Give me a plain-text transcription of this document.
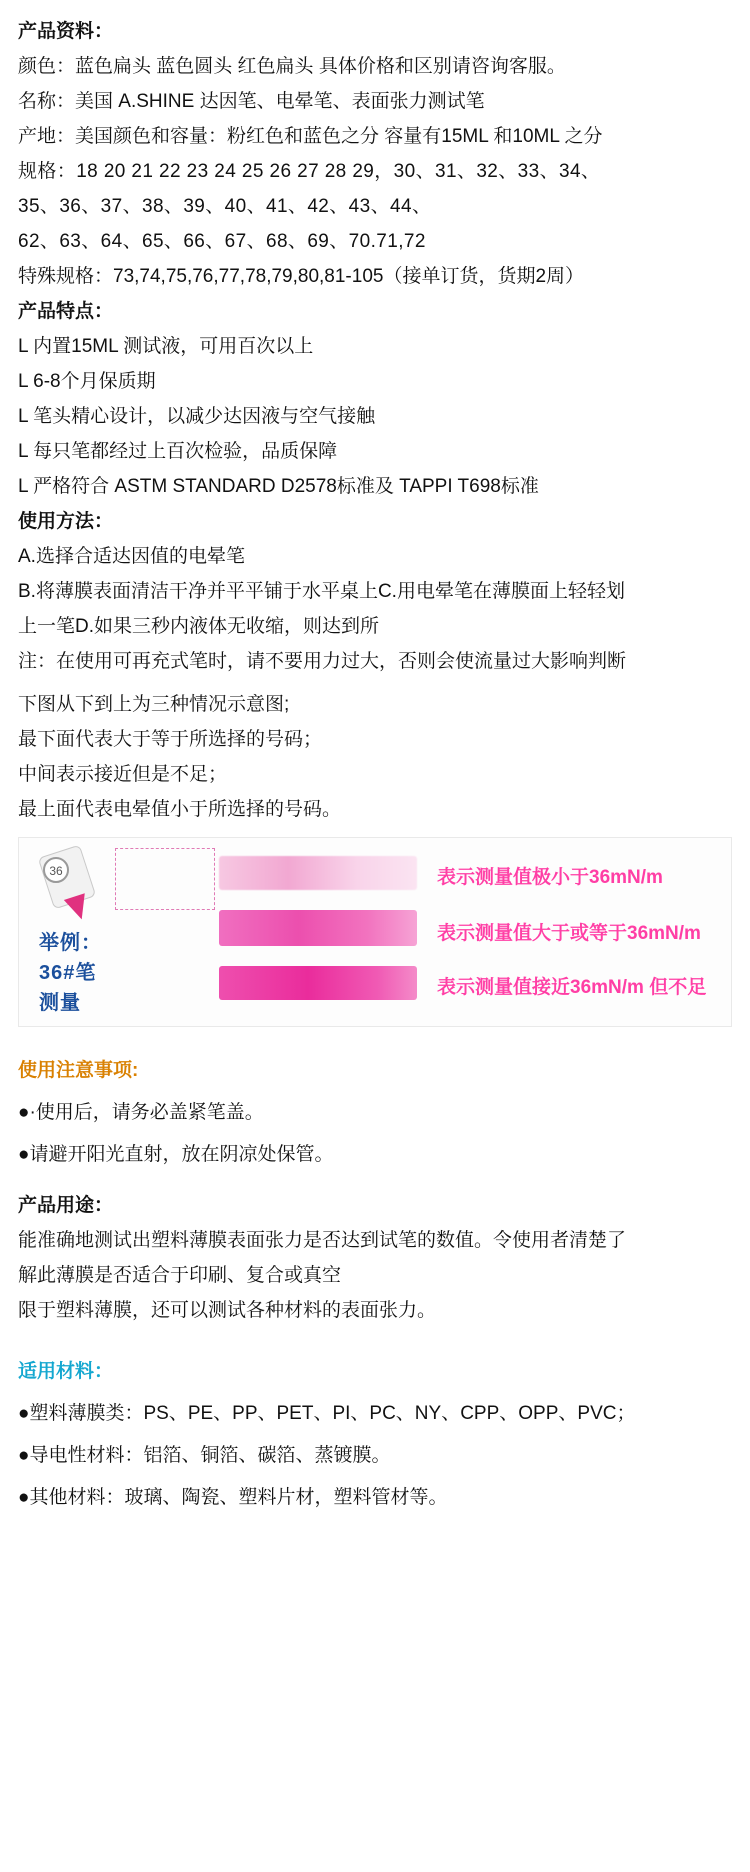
产品资料：
颜色：蓝色扁头 蓝色圆头 红色扁头 具体价格和区别请咨询客服。
名称：美国 A.SHINE 达因笔、电晕笔、表面张力测试笔
产地：美国颜色和容量：粉红色和蓝色之分 容量有15ML 和10ML 之分
规格：18 20 21 22 23 24 25 26 27 28 29，30、31、32、33、34、
35、36、37、38、39、40、41、42、43、44、
62、63、64、65、66、67、68、69、70.71,72
特殊规格：73,74,75,76,77,78,79,80,81-105（接单订货，货期2周）
产品特点：
L 内置15ML 测试液，可用百次以上
L 6-8个月保质期
L 笔头精心设计，以减少达因液与空气接触
L 每只笔都经过上百次检验，品质保障
L 严格符合 ASTM STANDARD D2578标准及 TAPPI T698标准
使用方法：
A.选择合适达因值的电晕笔
B.将薄膜表面清洁干净并平平铺于水平桌上C.用电晕笔在薄膜面上轻轻划
上一笔D.如果三秒内液体无收缩，则达到所
注：在使用可再充式笔时，请不要用力过大，否则会使流量过大影响判断
下图从下到上为三种情况示意图;
最下面代表大于等于所选择的号码；
中间表示接近但是不足；
最上面代表电晕值小于所选择的号码。
36
举例：
36#笔
测量
表示测量值极小于36mN/m
表示测量值大于或等于36mN/m
表示测量值接近36mN/m 但不足
使用注意事项:
●·使用后，请务必盖紧笔盖。
●请避开阳光直射，放在阴凉处保管。
产品用途：
能准确地测试出塑料薄膜表面张力是否达到试笔的数值。令使用者清楚了
解此薄膜是否适合于印刷、复合或真空
限于塑料薄膜，还可以测试各种材料的表面张力。
适用材料：
●塑料薄膜类：PS、PE、PP、PET、PI、PC、NY、CPP、OPP、PVC；
●导电性材料：铝箔、铜箔、碳箔、蒸镀膜。
●其他材料：玻璃、陶瓷、塑料片材，塑料管材等。
